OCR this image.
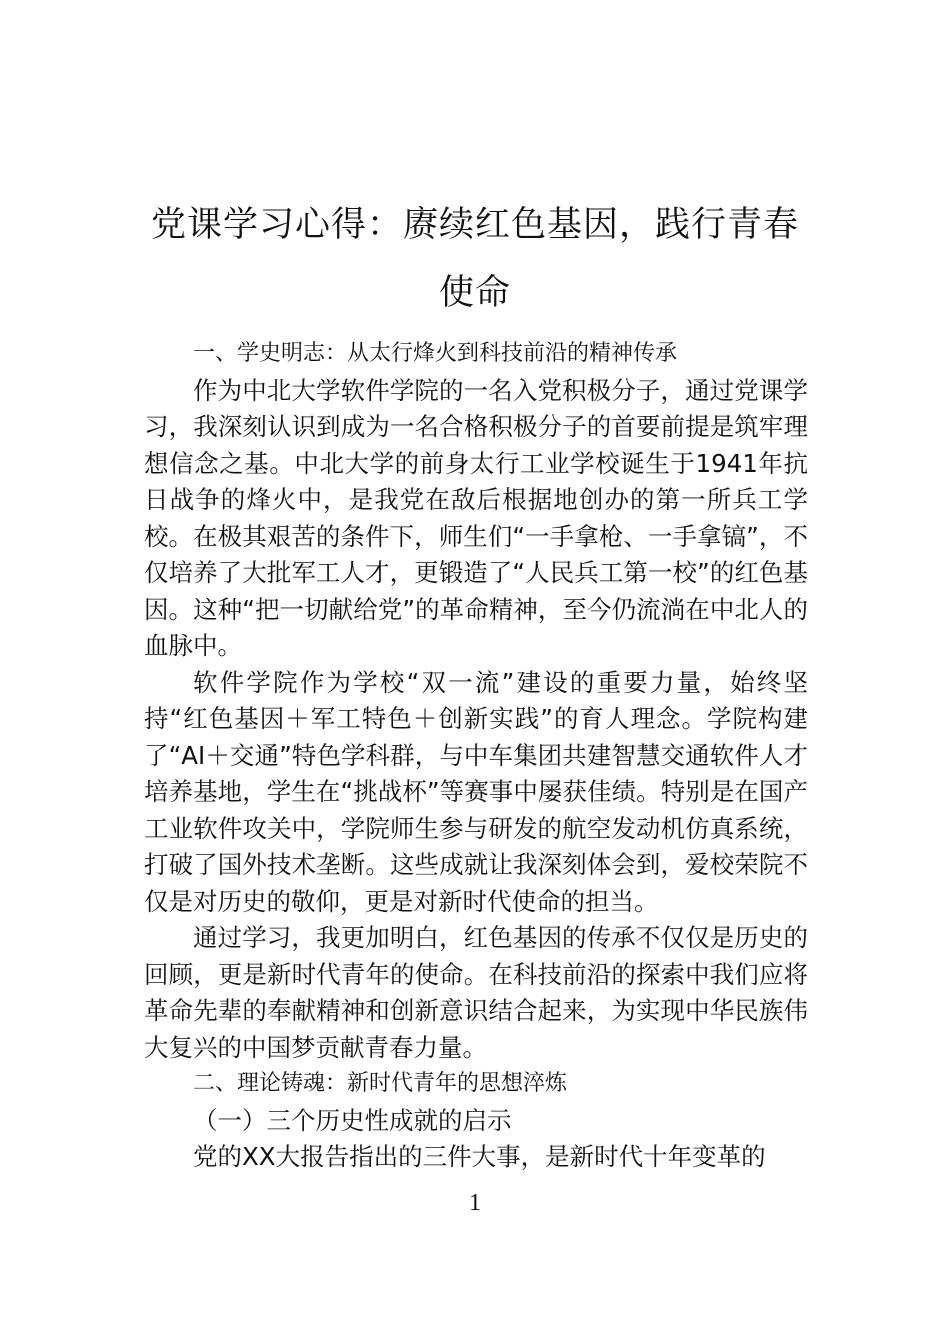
党课学习心得：赓续红色基因，践行青春使命

一、学史明志：从太行烽火到科技前沿的精神传承

作为中北大学软件学院的一名入党积极分子，通过党课学习，我深刻认识到成为一名合格积极分子的首要前提是筑牢理想信念之基。中北大学的前身太行工业学校诞生于1941年抗日战争的烽火中，是我党在敌后根据地创办的第一所兵工学校。在极其艰苦的条件下，师生们“一手拿枪、一手拿镐”，不仅培养了大批军工人才，更锻造了“人民兵工第一校”的红色基因。这种“把一切献给党”的革命精神，至今仍流淌在中北人的血脉中。

软件学院作为学校“双一流”建设的重要力量，始终坚持“红色基因＋军工特色＋创新实践”的育人理念。学院构建了“AI＋交通”特色学科群，与中车集团共建智慧交通软件人才培养基地，学生在“挑战杯”等赛事中屡获佳绩。特别是在国产工业软件攻关中，学院师生参与研发的航空发动机仿真系统，打破了国外技术垄断。这些成就让我深刻体会到，爱校荣院不仅是对历史的敬仰，更是对新时代使命的担当。

通过学习，我更加明白，红色基因的传承不仅仅是历史的回顾，更是新时代青年的使命。在科技前沿的探索中我们应将革命先辈的奉献精神和创新意识结合起来，为实现中华民族伟大复兴的中国梦贡献青春力量。

二、理论铸魂：新时代青年的思想淬炼

（一）三个历史性成就的启示

党的XX大报告指出的三件大事，是新时代十年变革的

1
